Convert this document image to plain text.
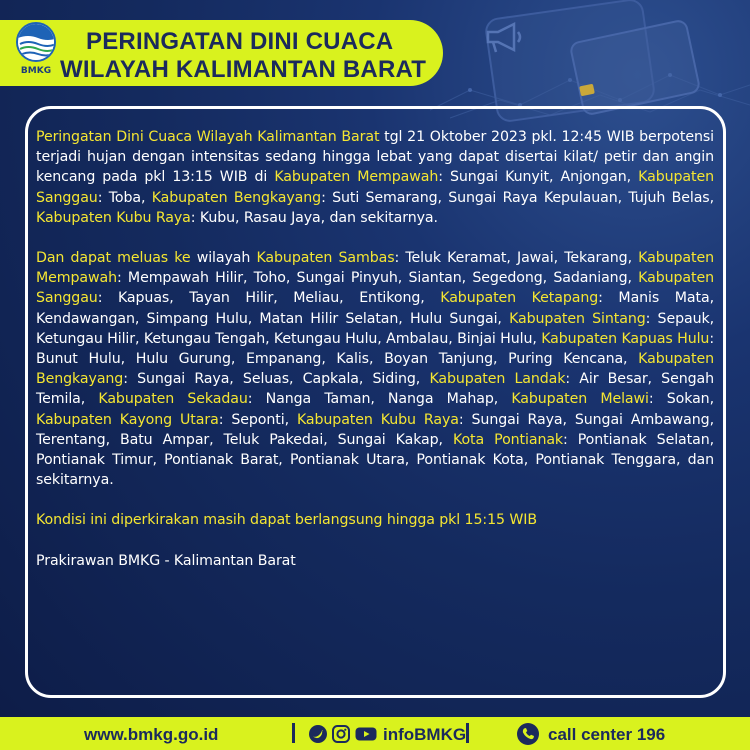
BMKG
PERINGATAN DINI CUACA
WILAYAH KALIMANTAN BARAT

Peringatan Dini Cuaca Wilayah Kalimantan Barat tgl 21 Oktober 2023 pkl. 12:45 WIB berpotensi terjadi hujan dengan intensitas sedang hingga lebat yang dapat disertai kilat/ petir dan angin kencang pada pkl 13:15 WIB di Kabupaten Mempawah: Sungai Kunyit, Anjongan, Kabupaten Sanggau: Toba, Kabupaten Bengkayang: Suti Semarang, Sungai Raya Kepulauan, Tujuh Belas, Kabupaten Kubu Raya: Kubu, Rasau Jaya, dan sekitarnya.

Dan dapat meluas ke wilayah Kabupaten Sambas: Teluk Keramat, Jawai, Tekarang, Kabupaten Mempawah: Mempawah Hilir, Toho, Sungai Pinyuh, Siantan, Segedong, Sadaniang, Kabupaten Sanggau: Kapuas, Tayan Hilir, Meliau, Entikong, Kabupaten Ketapang: Manis Mata, Kendawangan, Simpang Hulu, Matan Hilir Selatan, Hulu Sungai, Kabupaten Sintang: Sepauk, Ketungau Hilir, Ketungau Tengah, Ketungau Hulu, Ambalau, Binjai Hulu, Kabupaten Kapuas Hulu: Bunut Hulu, Hulu Gurung, Empanang, Kalis, Boyan Tanjung, Puring Kencana, Kabupaten Bengkayang: Sungai Raya, Seluas, Capkala, Siding, Kabupaten Landak: Air Besar, Sengah Temila, Kabupaten Sekadau: Nanga Taman, Nanga Mahap, Kabupaten Melawi: Sokan, Kabupaten Kayong Utara: Seponti, Kabupaten Kubu Raya: Sungai Raya, Sungai Ambawang, Terentang, Batu Ampar, Teluk Pakedai, Sungai Kakap, Kota Pontianak: Pontianak Selatan, Pontianak Timur, Pontianak Barat, Pontianak Utara, Pontianak Kota, Pontianak Tenggara, dan sekitarnya.

Kondisi ini diperkirakan masih dapat berlangsung hingga pkl 15:15 WIB

Prakirawan BMKG - Kalimantan Barat

www.bmkg.go.id	infoBMKG	call center 196
